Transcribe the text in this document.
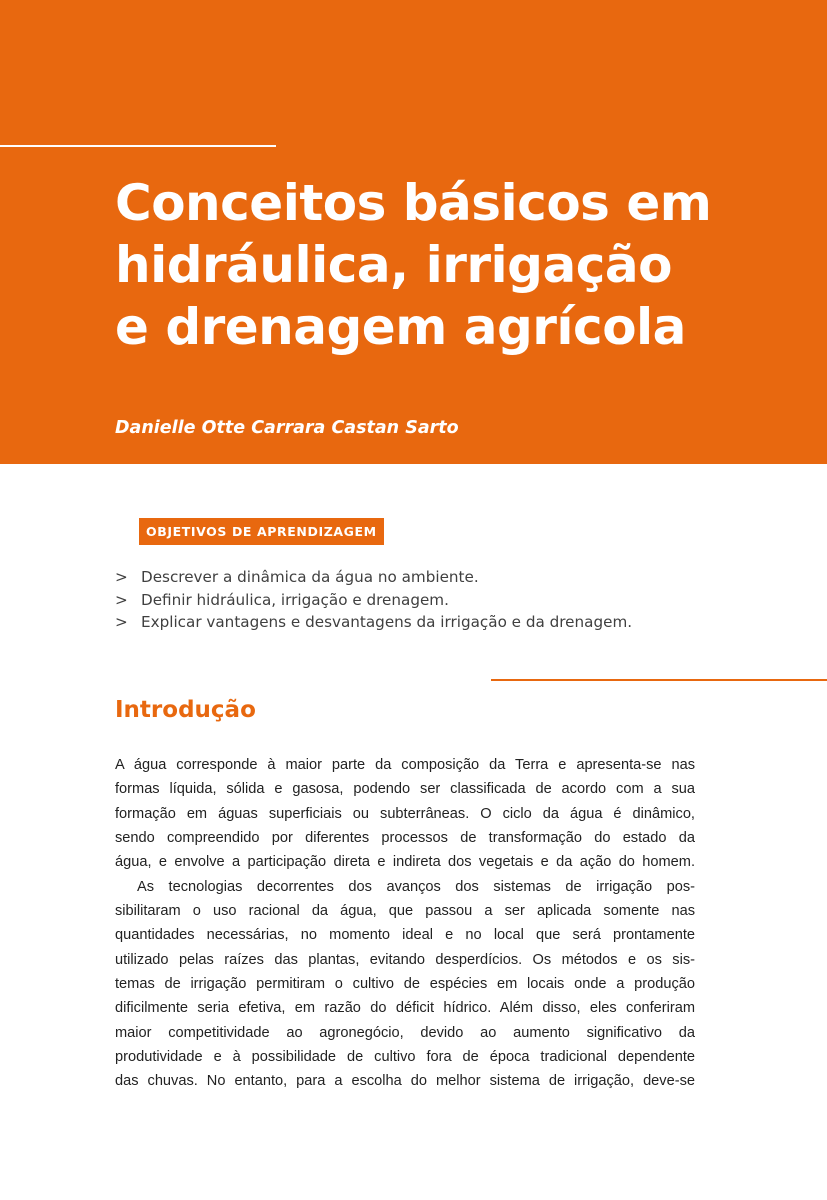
Conceitos básicos em
hidráulica, irrigação
e drenagem agrícola
Danielle Otte Carrara Castan Sarto
OBJETIVOS DE APRENDIZAGEM
> Descrever a dinâmica da água no ambiente.
> Definir hidráulica, irrigação e drenagem.
> Explicar vantagens e desvantagens da irrigação e da drenagem.
Introdução
A água corresponde à maior parte da composição da Terra e apresenta-se nas
formas líquida, sólida e gasosa, podendo ser classificada de acordo com a sua
formação em águas superficiais ou subterrâneas. O ciclo da água é dinâmico,
sendo compreendido por diferentes processos de transformação do estado da
água, e envolve a participação direta e indireta dos vegetais e da ação do homem.
As tecnologias decorrentes dos avanços dos sistemas de irrigação pos-
sibilitaram o uso racional da água, que passou a ser aplicada somente nas
quantidades necessárias, no momento ideal e no local que será prontamente
utilizado pelas raízes das plantas, evitando desperdícios. Os métodos e os sis-
temas de irrigação permitiram o cultivo de espécies em locais onde a produção
dificilmente seria efetiva, em razão do déficit hídrico. Além disso, eles conferiram
maior competitividade ao agronegócio, devido ao aumento significativo da
produtividade e à possibilidade de cultivo fora de época tradicional dependente
das chuvas. No entanto, para a escolha do melhor sistema de irrigação, deve-se
